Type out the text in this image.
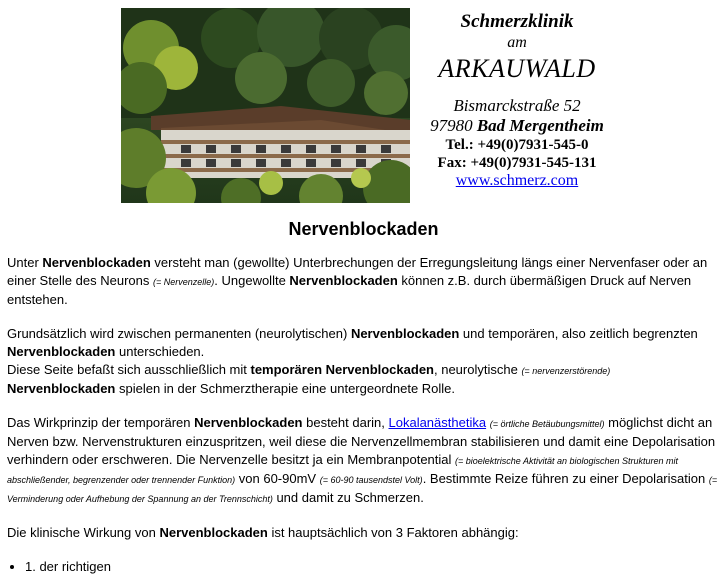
Schmerzklinik
am
ARKAUWALD
Bismarckstraße 52
97980 Bad Mergentheim
Tel.: +49(0)7931-545-0
Fax: +49(0)7931-545-131
www.schmerz.com
Nervenblockaden

Unter Nervenblockaden versteht man (gewollte) Unterbrechungen der Erregungsleitung längs einer Nervenfaser oder an einer Stelle des Neurons (= Nervenzelle). Ungewollte Nervenblockaden können z.B. durch übermäßigen Druck auf Nerven entstehen.

Grundsätzlich wird zwischen permanenten (neurolytischen) Nervenblockaden und temporären, also zeitlich begrenzten Nervenblockaden unterschieden.
Diese Seite befaßt sich ausschließlich mit temporären Nervenblockaden, neurolytische (= nervenzerstörende)
Nervenblockaden spielen in der Schmerztherapie eine untergeordnete Rolle.

Das Wirkprinzip der temporären Nervenblockaden besteht darin, Lokalanästhetika (= örtliche Betäubungsmittel) möglichst dicht an Nerven bzw. Nervenstrukturen einzuspritzen, weil diese die Nervenzellmembran stabilisieren und damit eine Depolarisation verhindern oder erschweren. Die Nervenzelle besitzt ja ein Membranpotential (= bioelektrische Aktivität an biologischen Strukturen mit abschließender, begrenzender oder trennender Funktion) von 60-90mV (= 60-90 tausendstel Volt). Bestimmte Reize führen zu einer Depolarisation (= Verminderung oder Aufhebung der Spannung an der Trennschicht) und damit zu Schmerzen.

Die klinische Wirkung von Nervenblockaden ist hauptsächlich von 3 Faktoren abhängig:

• 1. der richtigen
